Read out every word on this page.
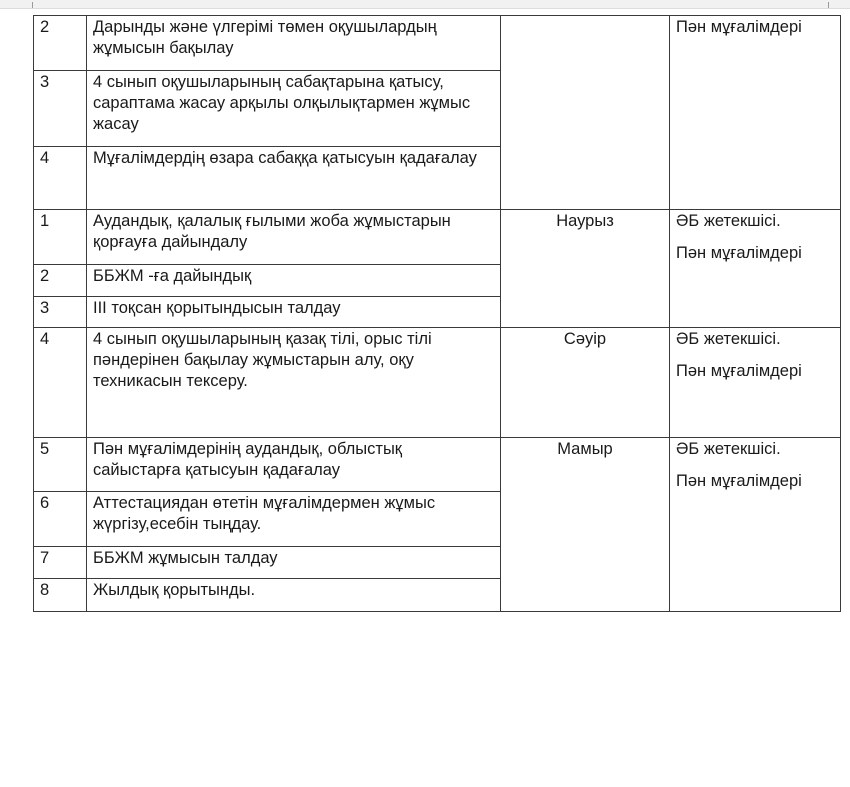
2	Дарынды және үлгерімі төмен оқушылардың жұмысын бақылау		Пән мұғалімдері

3	4 сынып оқушыларының сабақтарына қатысу, сараптама жасау арқылы олқылықтармен жұмыс жасау		
4	Мұғалімдердің өзара сабаққа қатысуын қадағалау		
1	Аудандық, қалалық ғылыми жоба жұмыстарын қорғауға дайындалу	Наурыз	ӘБ жетекшісі.
Пән мұғалімдері

2	ББЖМ -ға дайындық		
3	ІІІ тоқсан қорытындысын талдау		
4	4 сынып оқушыларының қазақ тілі, орыс тілі пәндерінен бақылау жұмыстарын алу, оқу техникасын тексеру.	Сәуір	ӘБ жетекшісі.
Пән мұғалімдері

5	Пән мұғалімдерінің аудандық, облыстық сайыстарға қатысуын қадағалау	Мамыр	ӘБ жетекшісі.
Пән мұғалімдері

6	Аттестациядан өтетін мұғалімдермен жұмыс жүргізу,есебін тыңдау.		
7	ББЖМ жұмысын талдау		
8	Жылдық қорытынды.		
